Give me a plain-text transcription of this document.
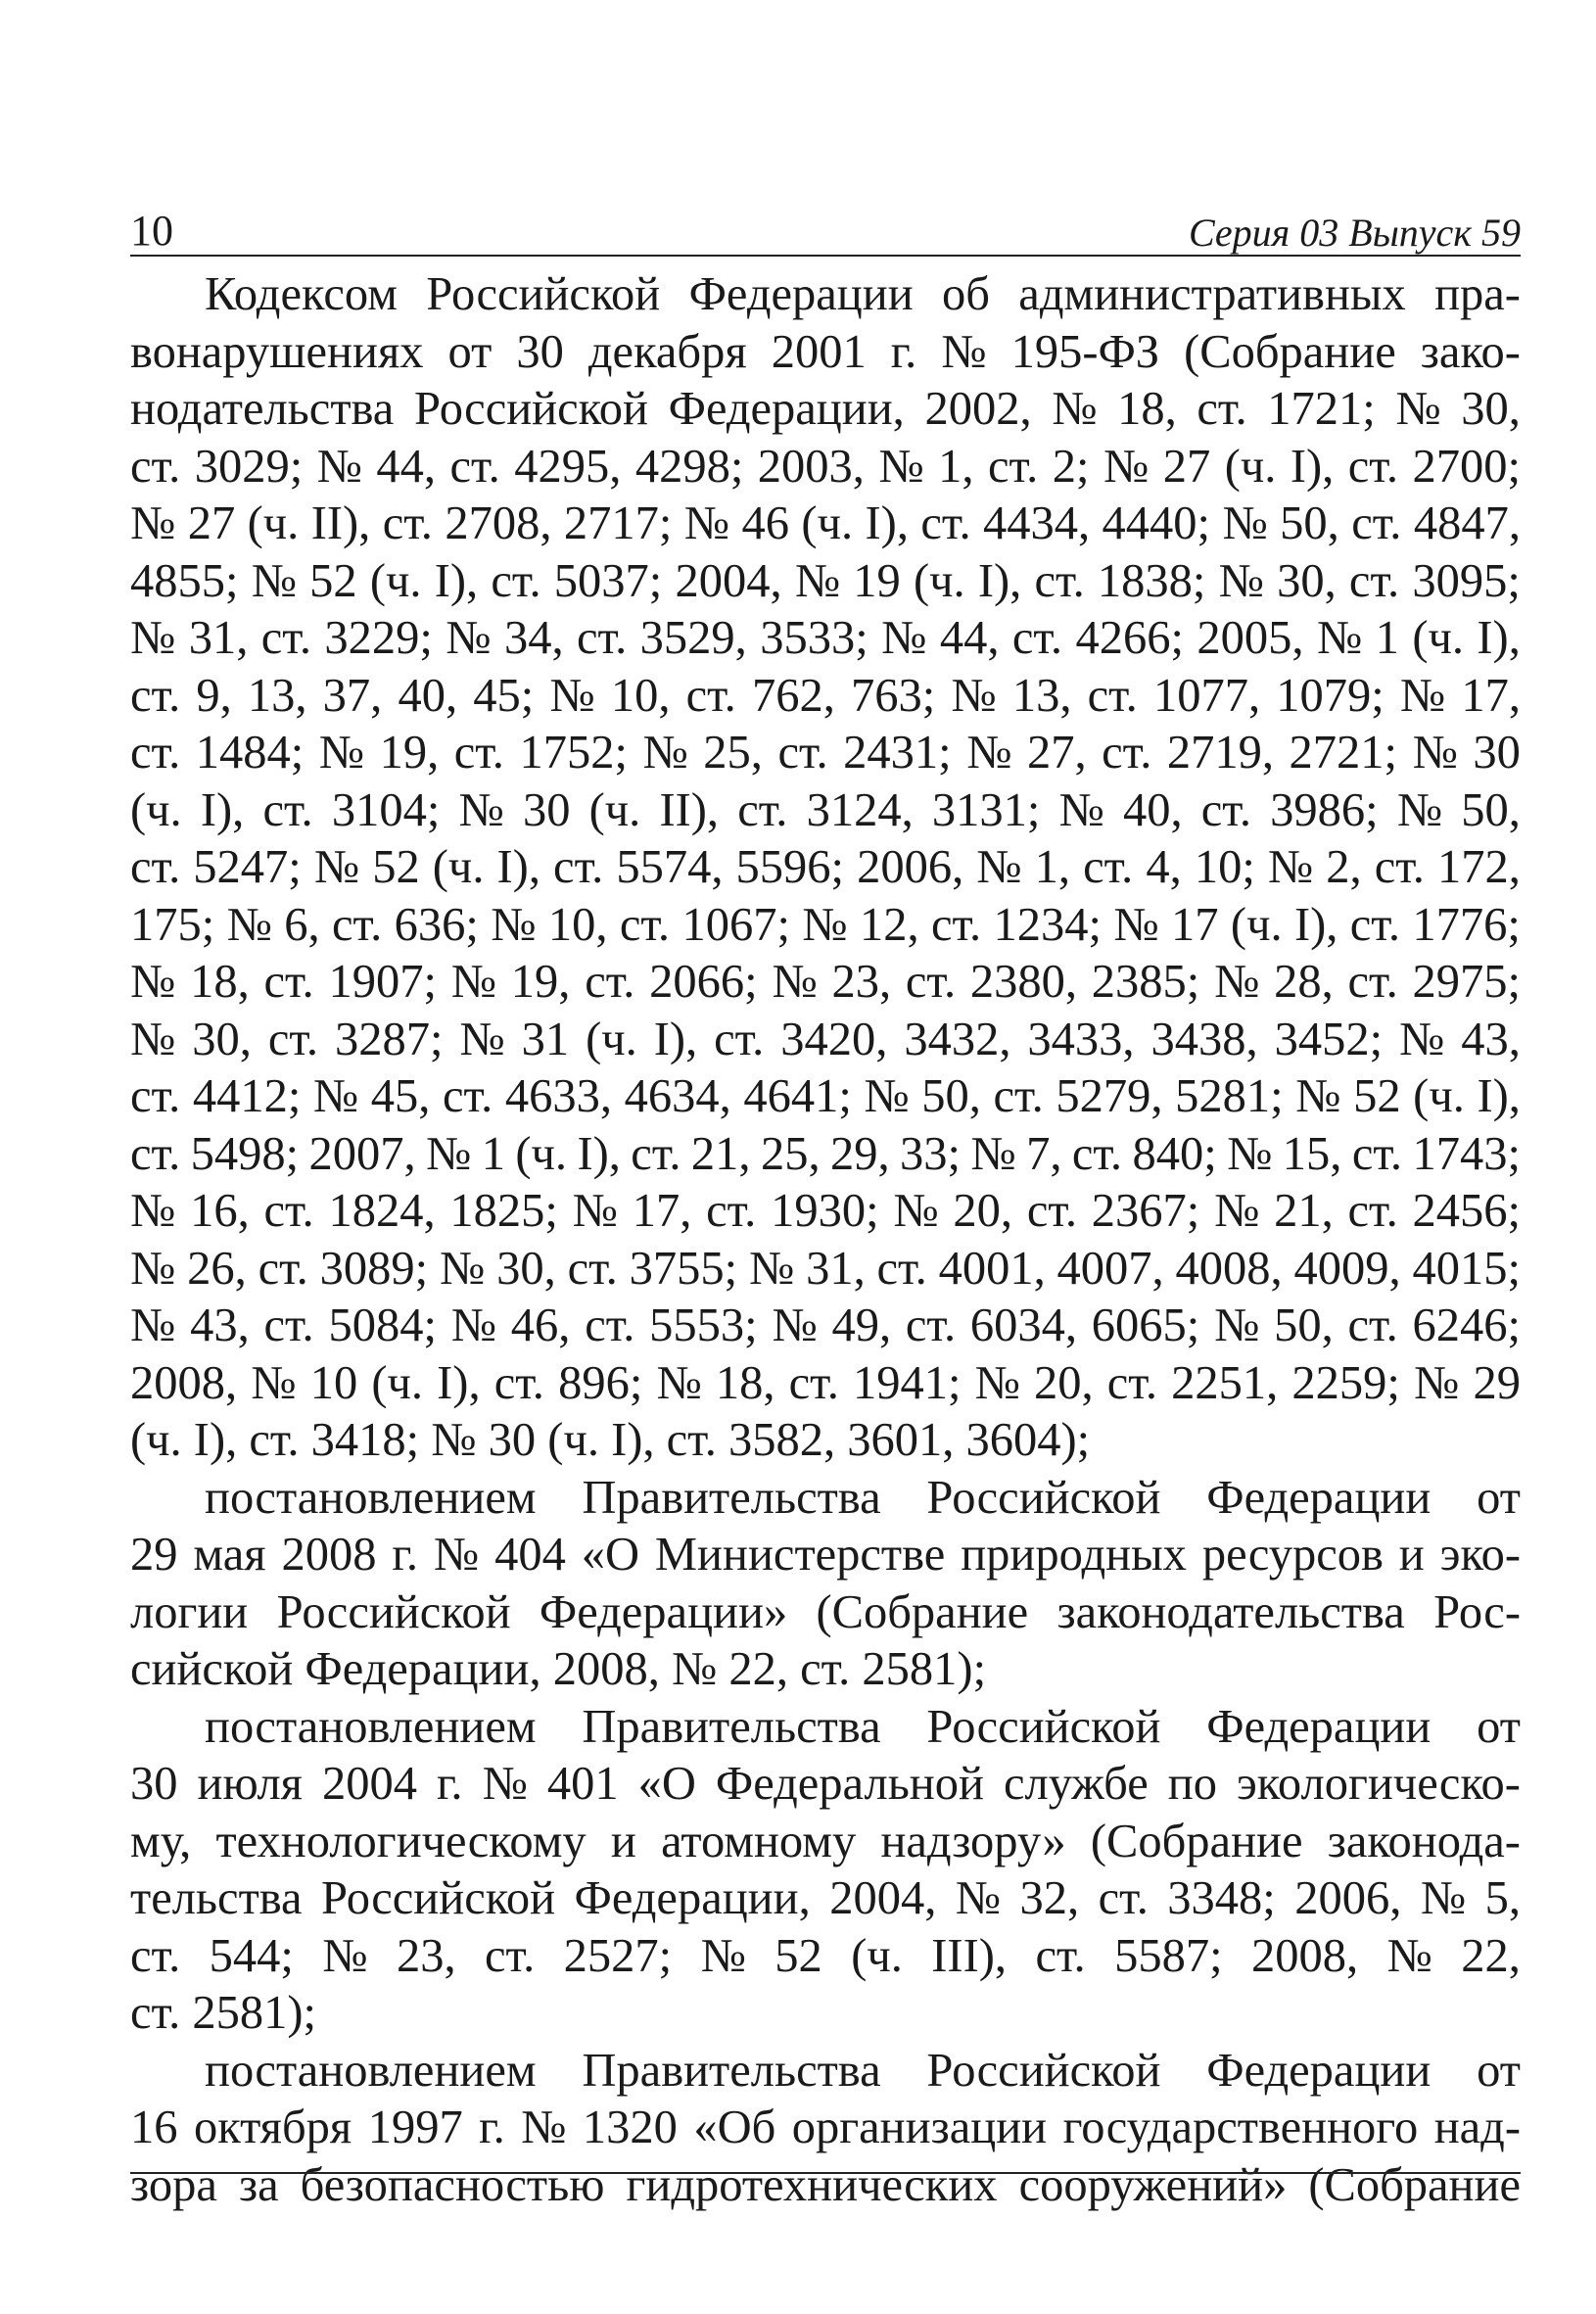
10	Серия 03 Выпуск 59
Кодексом Российской Федерации об административных пра-
вонарушениях от 30 декабря 2001 г. № 195-ФЗ (Собрание зако-
нодательства Российской Федерации, 2002, № 18, ст. 1721; № 30,
ст. 3029; № 44, ст. 4295, 4298; 2003, № 1, ст. 2; № 27 (ч. I), ст. 2700;
№ 27 (ч. II), ст. 2708, 2717; № 46 (ч. I), ст. 4434, 4440; № 50, ст. 4847,
4855; № 52 (ч. I), ст. 5037; 2004, № 19 (ч. I), ст. 1838; № 30, ст. 3095;
№ 31, ст. 3229; № 34, ст. 3529, 3533; № 44, ст. 4266; 2005, № 1 (ч. I),
ст. 9, 13, 37, 40, 45; № 10, ст. 762, 763; № 13, ст. 1077, 1079; № 17,
ст. 1484; № 19, ст. 1752; № 25, ст. 2431; № 27, ст. 2719, 2721; № 30
(ч. I), ст. 3104; № 30 (ч. II), ст. 3124, 3131; № 40, ст. 3986; № 50,
ст. 5247; № 52 (ч. I), ст. 5574, 5596; 2006, № 1, ст. 4, 10; № 2, ст. 172,
175; № 6, ст. 636; № 10, ст. 1067; № 12, ст. 1234; № 17 (ч. I), ст. 1776;
№ 18, ст. 1907; № 19, ст. 2066; № 23, ст. 2380, 2385; № 28, ст. 2975;
№ 30, ст. 3287; № 31 (ч. I), ст. 3420, 3432, 3433, 3438, 3452; № 43,
ст. 4412; № 45, ст. 4633, 4634, 4641; № 50, ст. 5279, 5281; № 52 (ч. I),
ст. 5498; 2007, № 1 (ч. I), ст. 21, 25, 29, 33; № 7, ст. 840; № 15, ст. 1743;
№ 16, ст. 1824, 1825; № 17, ст. 1930; № 20, ст. 2367; № 21, ст. 2456;
№ 26, ст. 3089; № 30, ст. 3755; № 31, ст. 4001, 4007, 4008, 4009, 4015;
№ 43, ст. 5084; № 46, ст. 5553; № 49, ст. 6034, 6065; № 50, ст. 6246;
2008, № 10 (ч. I), ст. 896; № 18, ст. 1941; № 20, ст. 2251, 2259; № 29
(ч. I), ст. 3418; № 30 (ч. I), ст. 3582, 3601, 3604);
постановлением Правительства Российской Федерации от
29 мая 2008 г. № 404 «О Министерстве природных ресурсов и эко-
логии Российской Федерации» (Собрание законодательства Рос-
сийской Федерации, 2008, № 22, ст. 2581);
постановлением Правительства Российской Федерации от
30 июля 2004 г. № 401 «О Федеральной службе по экологическо-
му, технологическому и атомному надзору» (Собрание законода-
тельства Российской Федерации, 2004, № 32, ст. 3348; 2006, № 5,
ст. 544; № 23, ст. 2527; № 52 (ч. III), ст. 5587; 2008, № 22,
ст. 2581);
постановлением Правительства Российской Федерации от
16 октября 1997 г. № 1320 «Об организации государственного над-
зора за безопасностью гидротехнических сооружений» (Собрание
